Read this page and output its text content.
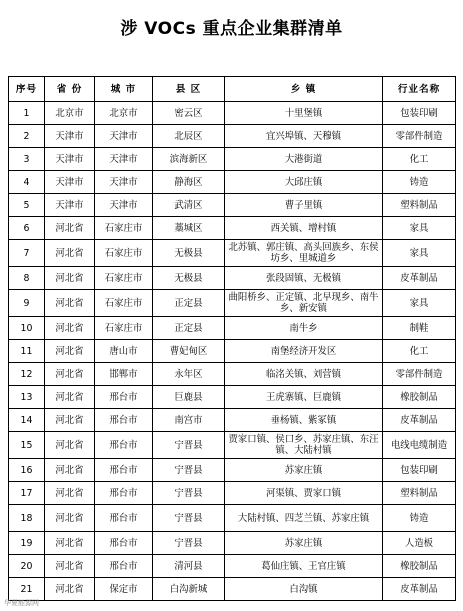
涉 VOCs 重点企业集群清单
序号	省 份	城 市	县 区	乡 镇	行业名称
1	北京市	北京市	密云区	十里堡镇	包装印刷
2	天津市	天津市	北辰区	宜兴埠镇、天穆镇	零部件制造
3	天津市	天津市	滨海新区	大港街道	化工
4	天津市	天津市	静海区	大邱庄镇	铸造
5	天津市	天津市	武清区	曹子里镇	塑料制品
6	河北省	石家庄市	藁城区	西关镇、增村镇	家具
7	河北省	石家庄市	无极县	北苏镇、郭庄镇、高头回族乡、东侯坊乡、里城道乡	家具
8	河北省	石家庄市	无极县	张段固镇、无极镇	皮革制品
9	河北省	石家庄市	正定县	曲阳桥乡、正定镇、北早现乡、南牛乡、新安镇	家具
10	河北省	石家庄市	正定县	南牛乡	制鞋
11	河北省	唐山市	曹妃甸区	南堡经济开发区	化工
12	河北省	邯郸市	永年区	临洺关镇、刘营镇	零部件制造
13	河北省	邢台市	巨鹿县	王虎寨镇、巨鹿镇	橡胶制品
14	河北省	邢台市	南宫市	垂杨镇、紫冢镇	皮革制品
15	河北省	邢台市	宁晋县	贾家口镇、侯口乡、苏家庄镇、东汪镇、大陆村镇	电线电缆制造
16	河北省	邢台市	宁晋县	苏家庄镇	包装印刷
17	河北省	邢台市	宁晋县	河渠镇、贾家口镇	塑料制品
18	河北省	邢台市	宁晋县	大陆村镇、四芝兰镇、苏家庄镇	铸造
19	河北省	邢台市	宁晋县	苏家庄镇	人造板
20	河北省	邢台市	清河县	葛仙庄镇、王官庄镇	橡胶制品
21	河北省	保定市	白沟新城	白沟镇	皮革制品
华夏能源网
